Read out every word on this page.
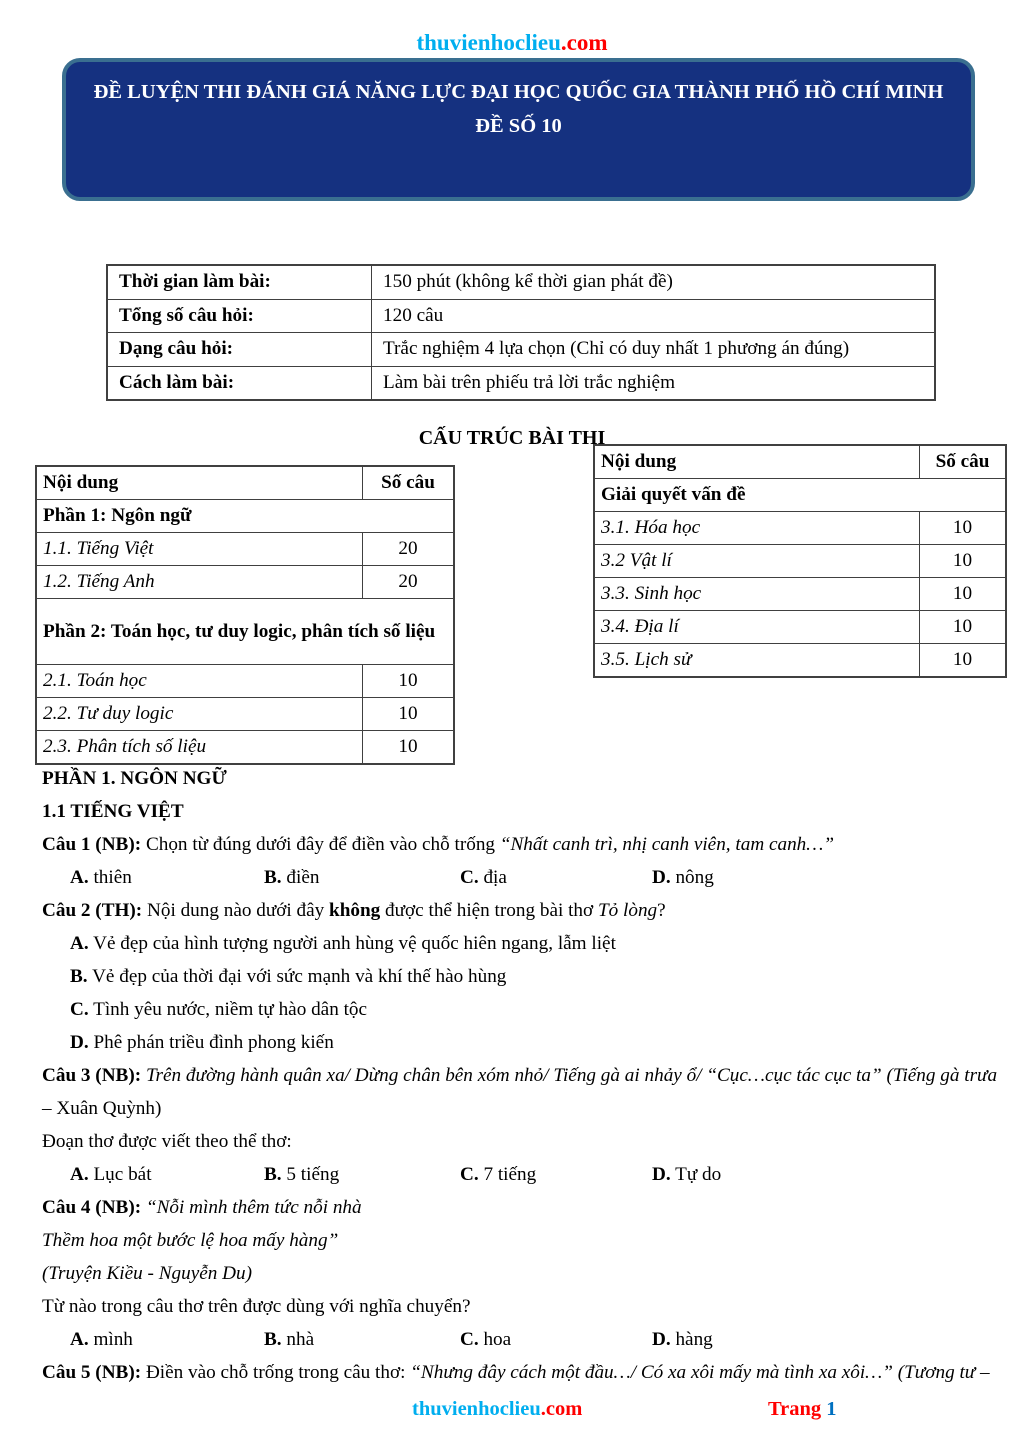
thuvienhoclieu.com
ĐỀ LUYỆN THI ĐÁNH GIÁ NĂNG LỰC ĐẠI HỌC QUỐC GIA THÀNH PHỐ HỒ CHÍ MINH
ĐỀ SỐ 10
Thời gian làm bài:	150 phút (không kể thời gian phát đề)
Tổng số câu hỏi:	120 câu
Dạng câu hỏi:	Trắc nghiệm 4 lựa chọn (Chỉ có duy nhất 1 phương án đúng)
Cách làm bài:	Làm bài trên phiếu trả lời trắc nghiệm
CẤU TRÚC BÀI THI
Nội dung	Số câu
Phần 1: Ngôn ngữ	
1.1. Tiếng Việt	20
1.2. Tiếng Anh	20
Phần 2: Toán học, tư duy logic, phân tích số liệu	
2.1. Toán học	10
2.2. Tư duy logic	10
2.3. Phân tích số liệu	10
Nội dung	Số câu
Giải quyết vấn đề	
3.1. Hóa học	10
3.2 Vật lí	10
3.3. Sinh học	10
3.4. Địa lí	10
3.5. Lịch sử	10

PHẦN 1. NGÔN NGỮ

1.1 TIẾNG VIỆT

Câu 1 (NB): Chọn từ đúng dưới đây để điền vào chỗ trống “Nhất canh trì, nhị canh viên, tam canh…”

A. thiên	B. điền	C. địa	D. nông

Câu 2 (TH): Nội dung nào dưới đây không được thể hiện trong bài thơ Tỏ lòng?

A. Vẻ đẹp của hình tượng người anh hùng vệ quốc hiên ngang, lẫm liệt

B. Vẻ đẹp của thời đại với sức mạnh và khí thế hào hùng

C. Tình yêu nước, niềm tự hào dân tộc

D. Phê phán triều đình phong kiến

Câu 3 (NB): Trên đường hành quân xa/ Dừng chân bên xóm nhỏ/ Tiếng gà ai nhảy ổ/ “Cục…cục tác cục ta” (Tiếng gà trưa

– Xuân Quỳnh)

Đoạn thơ được viết theo thể thơ:

A. Lục bát	B. 5 tiếng	C. 7 tiếng	D. Tự do

Câu 4 (NB): “Nỗi mình thêm tức nỗi nhà

Thềm hoa một bước lệ hoa mấy hàng”

(Truyện Kiều - Nguyễn Du)

Từ nào trong câu thơ trên được dùng với nghĩa chuyển?

A. mình	B. nhà	C. hoa	D. hàng
Câu 5 (NB): Điền vào chỗ trống trong câu thơ: “Nhưng đây cách một đầu…/ Có xa xôi mấy mà tình xa xôi…” (Tương tư –
thuvienhoclieu.com	Trang 1
